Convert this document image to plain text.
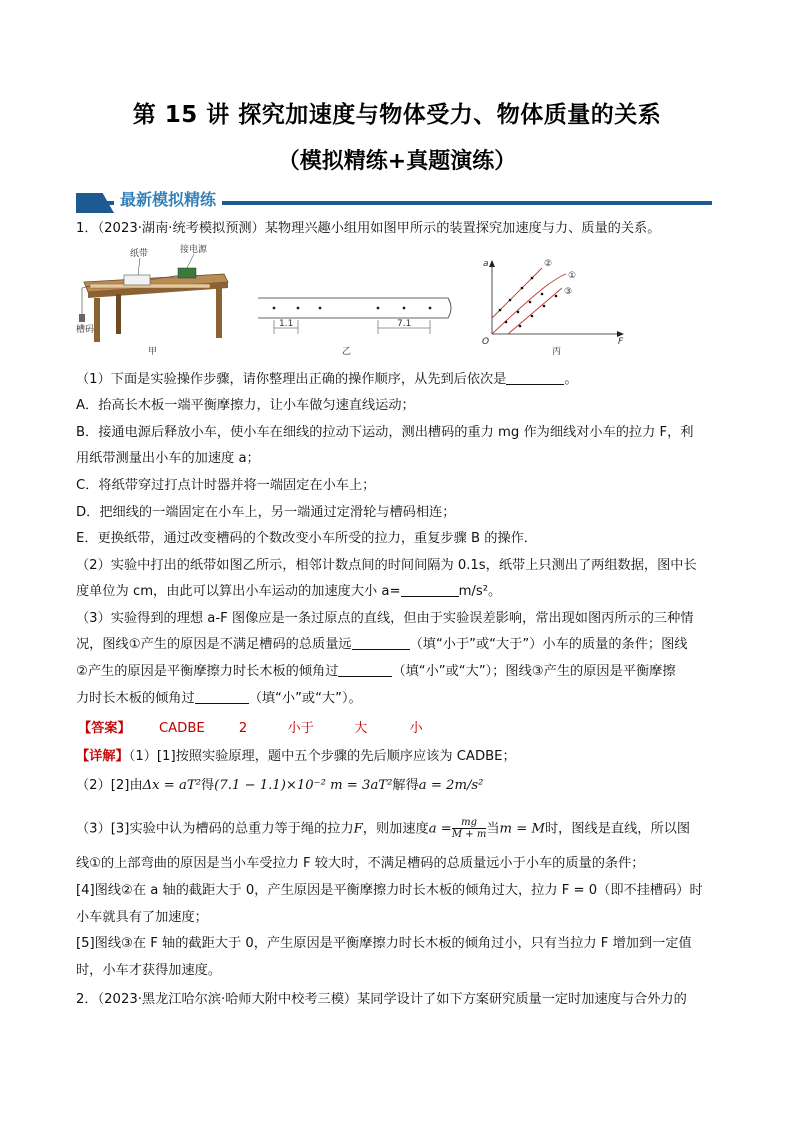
第 15 讲 探究加速度与物体受力、物体质量的关系
（模拟精练+真题演练）
最新模拟精练
1．（2023·湖南·统考模拟预测）某物理兴趣小组用如图甲所示的装置探究加速度与力、质量的关系。
纸带	接电源
槽码
甲
1.1	7.1
乙
a
F
O
②
①
③
丙
（1）下面是实验操作步骤，请你整理出正确的操作顺序，从先到后依次是	。
A．抬高长木板一端平衡摩擦力，让小车做匀速直线运动；
B．接通电源后释放小车，使小车在细线的拉动下运动，测出槽码的重力 mg 作为细线对小车的拉力 F，利
用纸带测量出小车的加速度 a；
C．将纸带穿过打点计时器并将一端固定在小车上；
D．把细线的一端固定在小车上，另一端通过定滑轮与槽码相连；
E．更换纸带，通过改变槽码的个数改变小车所受的拉力，重复步骤 B 的操作．
（2）实验中打出的纸带如图乙所示，相邻计数点间的时间间隔为 0.1s，纸带上只测出了两组数据，图中长
度单位为 cm，由此可以算出小车运动的加速度大小 a=	m/s²。
（3）实验得到的理想 a-F 图像应是一条过原点的直线，但由于实验误差影响，常出现如图丙所示的三种情
况，图线①产生的原因是不满足槽码的总质量远	（填“小于”或“大于”）小车的质量的条件；图线
②产生的原因是平衡摩擦力时长木板的倾角过	（填“小”或“大”）；图线③产生的原因是平衡摩擦
力时长木板的倾角过	（填“小”或“大”）。
【答案】 CADBE	2	小于	大	小
【详解】（1）[1]按照实验原理，题中五个步骤的先后顺序应该为 CADBE；
（2）[2]由Δx = aT²得(7.1 − 1.1)×10⁻² m = 3aT²解得a = 2m/s²
（3）[3]实验中认为槽码的总重力等于绳的拉力F，则加速度$a = \frac{mg}{M + m}$ 当m = M时，图线是直线，所以图
线①的上部弯曲的原因是当小车受拉力 F 较大时，不满足槽码的总质量远小于小车的质量的条件；
[4]图线②在 a 轴的截距大于 0，产生原因是平衡摩擦力时长木板的倾角过大，拉力 F = 0（即不挂槽码）时
小车就具有了加速度；
[5]图线③在 F 轴的截距大于 0，产生原因是平衡摩擦力时长木板的倾角过小，只有当拉力 F 增加到一定值
时，小车才获得加速度。
2．（2023·黑龙江哈尔滨·哈师大附中校考三模）某同学设计了如下方案研究质量一定时加速度与合外力的
